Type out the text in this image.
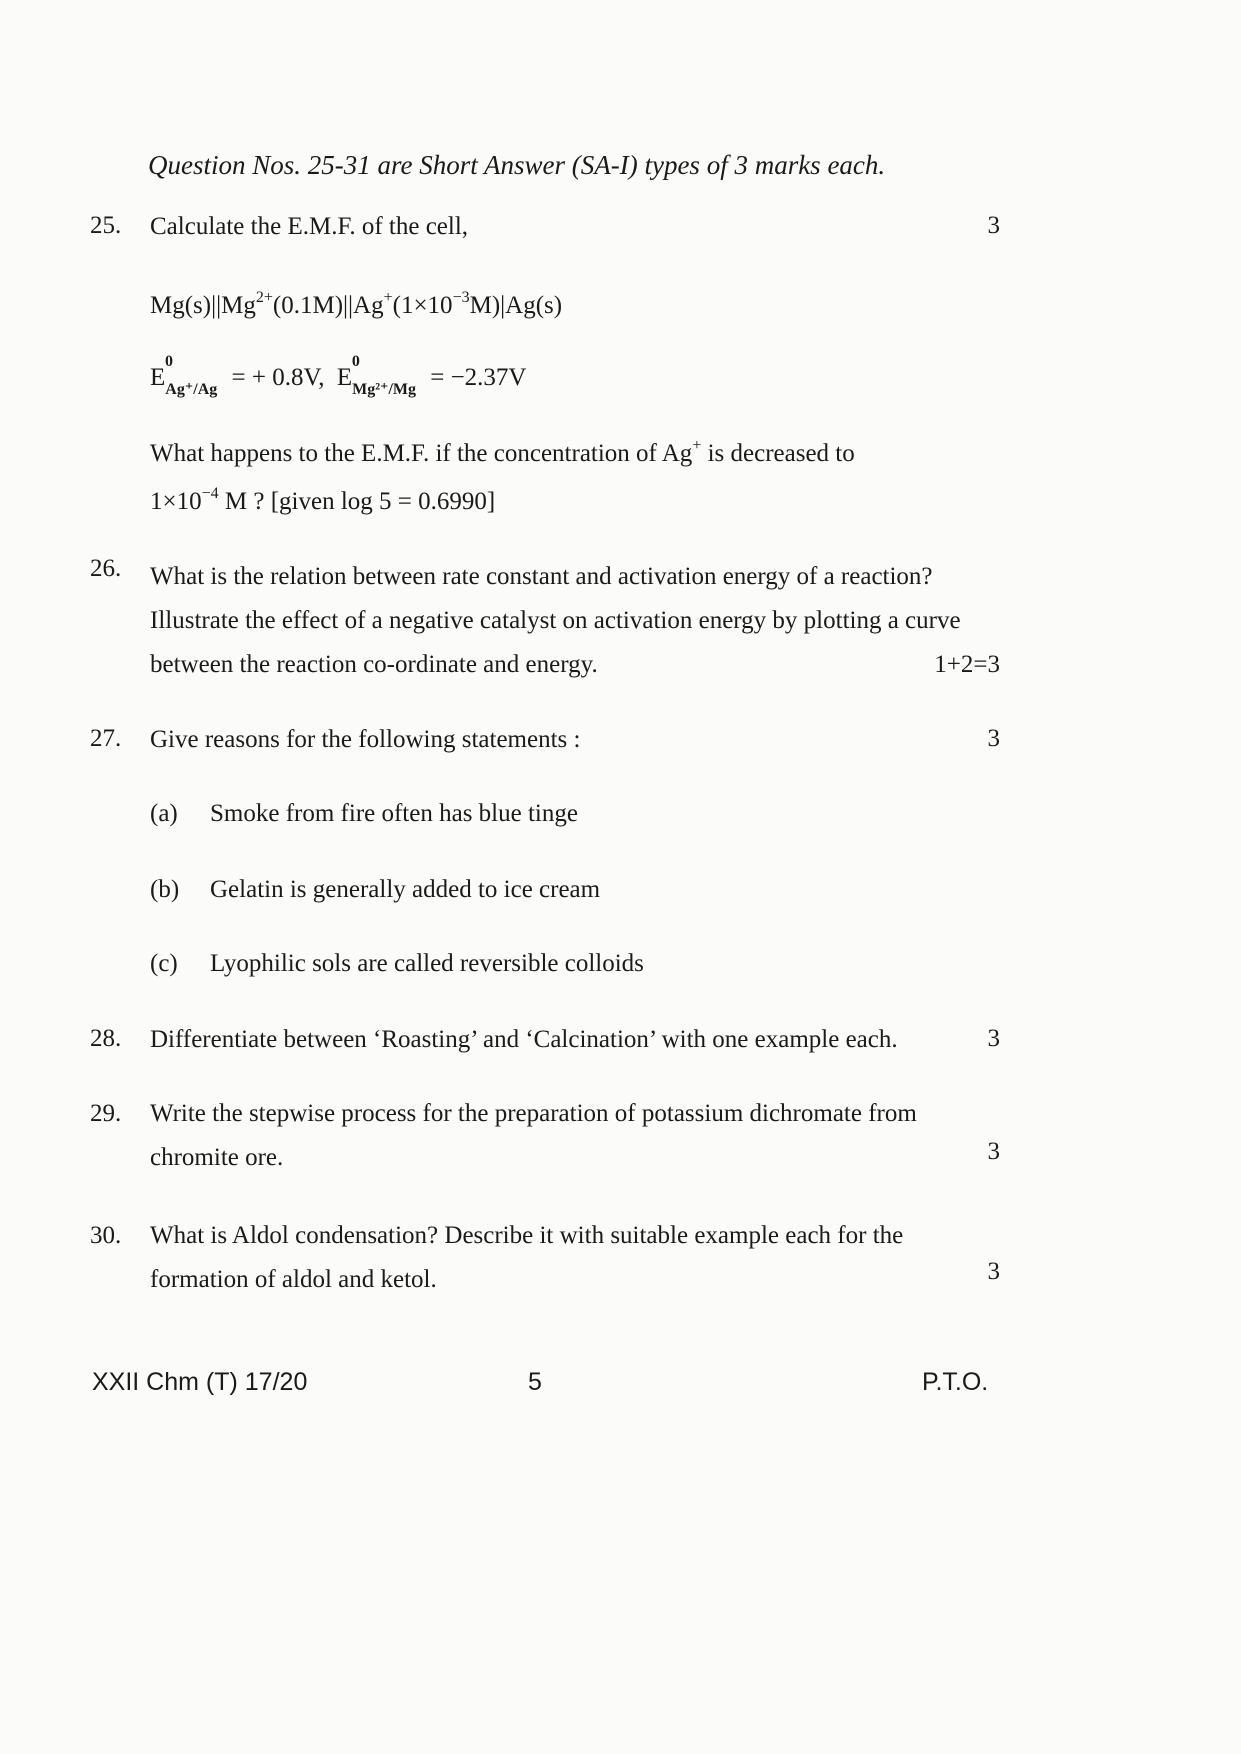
Question Nos. 25-31 are Short Answer (SA-I) types of 3 marks each.
25. Calculate the E.M.F. of the cell,	3
$Mg(s)||Mg^{2+}(0.1M)||Ag^+(1\times 10^{-3}M)|Ag(s)$
E
0
$_{Ag^+/Ag}$ = + 0.8V, E
0
$_{Mg^{2+}/Mg}$ = −2.37V
What happens to the E.M.F. if the concentration of Ag+ is decreased to
$1\times 10^{-4}$ M ? [given log 5 = 0.6990]
26. What is the relation between rate constant and activation energy of a reaction?
Illustrate the effect of a negative catalyst on activation energy by plotting a curve
between the reaction co-ordinate and energy.	1+2=3
27. Give reasons for the following statements :	3
(a) Smoke from fire often has blue tinge
(b) Gelatin is generally added to ice cream
(c) Lyophilic sols are called reversible colloids
28. Differentiate between ‘Roasting’ and ‘Calcination’ with one example each.	3
29. Write the stepwise process for the preparation of potassium dichromate from
chromite ore.	3
30. What is Aldol condensation? Describe it with suitable example each for the
formation of aldol and ketol.	3
XXII Chm (T) 17/20	5	P.T.O.
